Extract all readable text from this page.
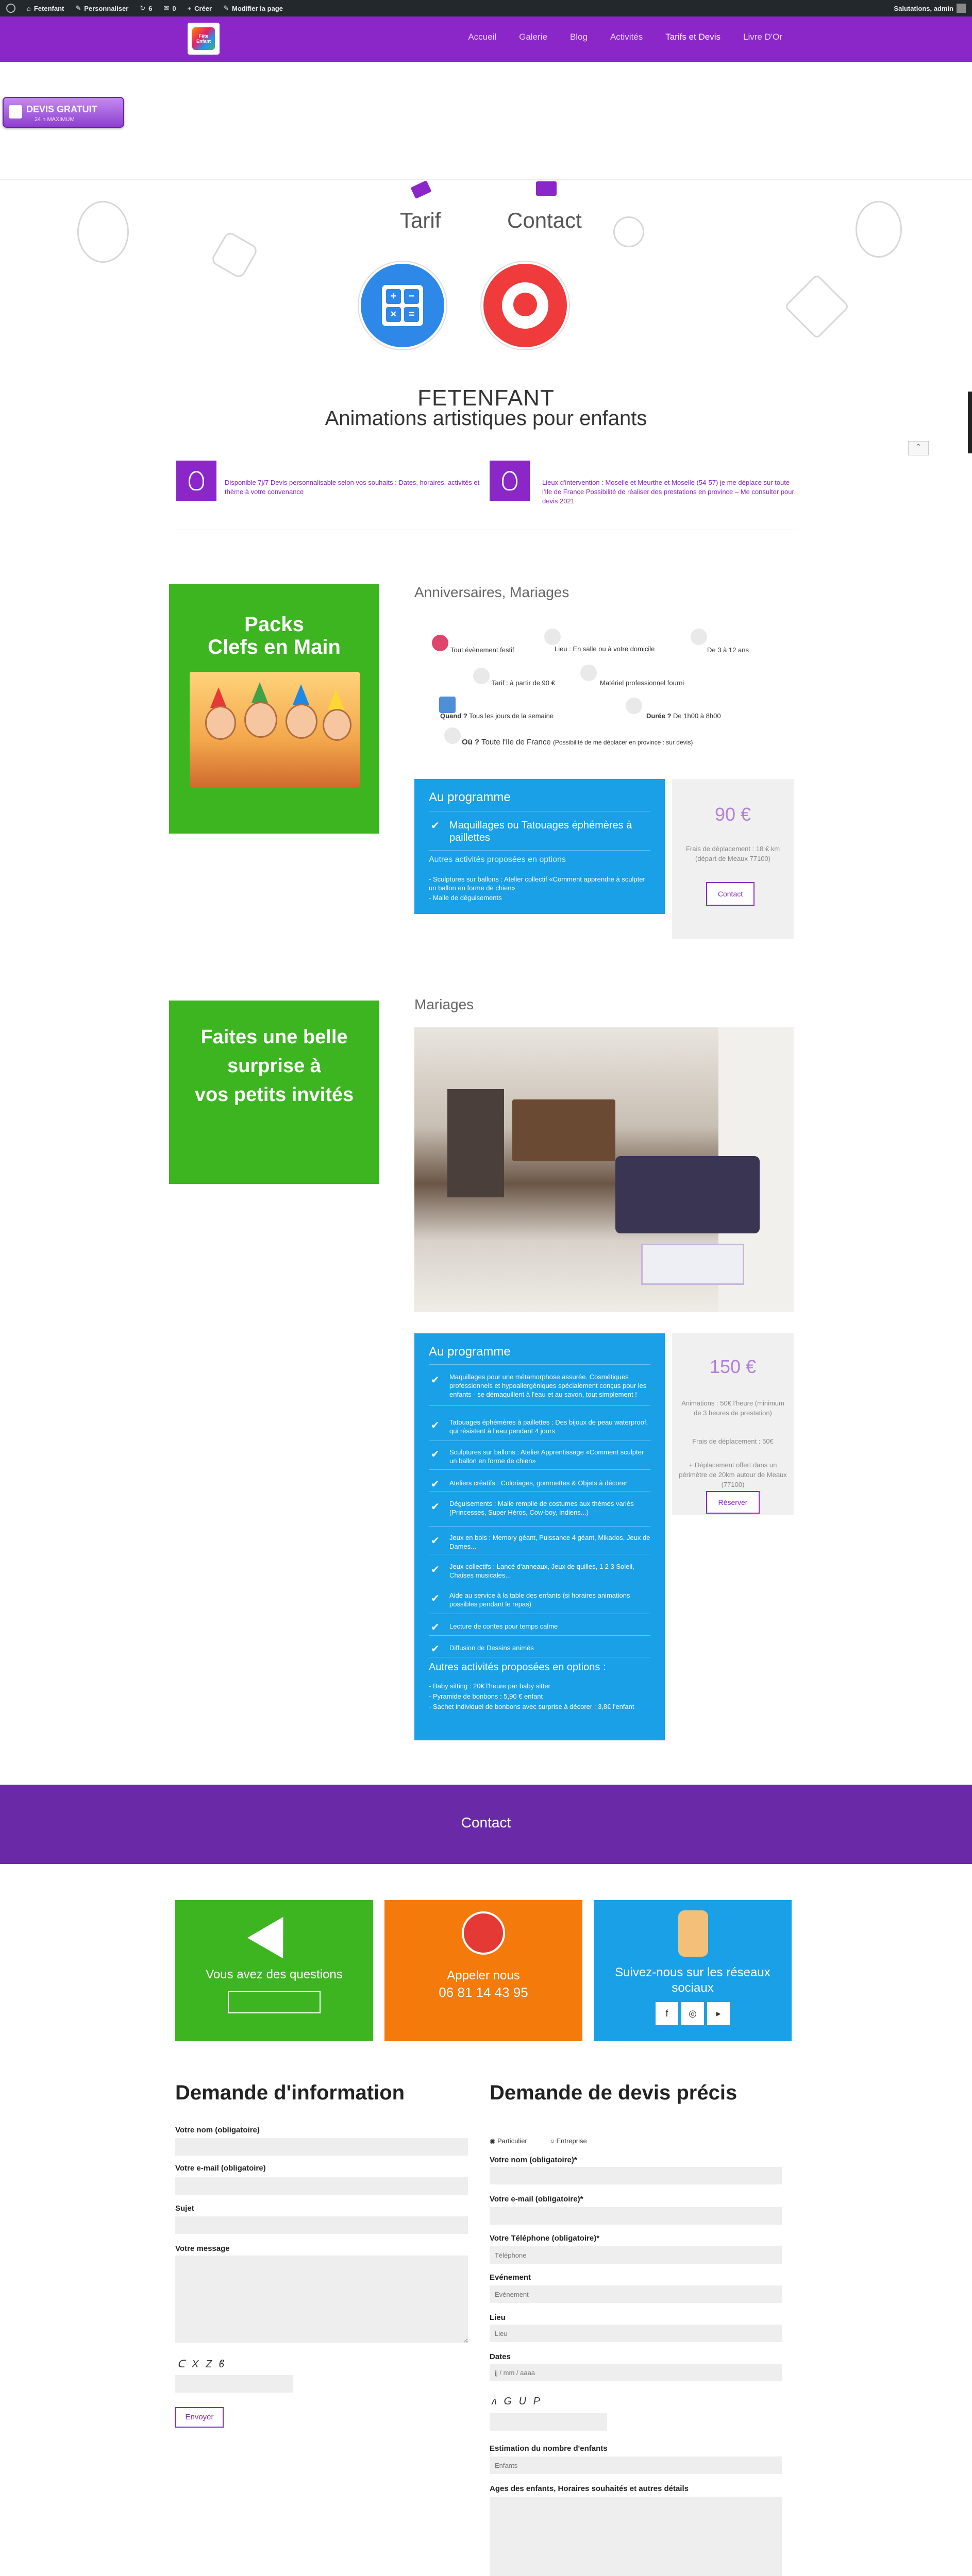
⌂ Fetenfant ✎ Personnaliser ↻ 6 ✉ 0 + Créer ✎ Modifier la page	Salutations, admin
Fête Enfant	Accueil	Galerie	Blog	Activités	Tarifs et Devis	Livre D'Or
DEVIS GRATUIT
24 h MAXIMUM
Tarif	Contact
+	−
×	=
FETENFANT
Animations artistiques pour enfants
Disponible 7j/7 Devis personnalisable selon vos souhaits : Dates, horaires, activités et thème à votre convenance
Lieux d'intervention : Moselle et Meurthe et Moselle (54-57) je me déplace sur toute l'Ile de France Possibilité de réaliser des prestations en province – Me consulter pour devis 2021
⌃
Packs
Clefs en Main
Anniversaires, Mariages
Tout évènement festif	Lieu : En salle ou à votre domicile	De 3 à 12 ans
Tarif : à partir de 90 €	Matériel professionnel fourni
Quand ? Tous les jours de la semaine	Durée ? De 1h00 à 8h00
Où ? Toute l'Ile de France (Possibilité de me déplacer en province : sur devis)
Au programme
✔ Maquillages ou Tatouages éphémères à paillettes
Autres activités proposées en options
- Sculptures sur ballons : Atelier collectif «Comment apprendre à sculpter un ballon en forme de chien»
- Malle de déguisements
90 €
Frais de déplacement : 18 € km (départ de Meaux 77100)
Contact
Faites une belle
surprise à
vos petits invités
Mariages
Au programme
✔ Maquillages pour une métamorphose assurée. Cosmétiques professionnels et hypoallergéniques spécialement conçus pour les enfants - se démaquillent à l'eau et au savon, tout simplement !
✔ Tatouages éphémères à paillettes : Des bijoux de peau waterproof, qui résistent à l'eau pendant 4 jours
✔ Sculptures sur ballons : Atelier Apprentissage «Comment sculpter un ballon en forme de chien»
✔ Ateliers créatifs : Coloriages, gommettes & Objets à décorer
✔ Déguisements : Malle remplie de costumes aux thèmes variés (Princesses, Super Héros, Cow-boy, Indiens...)
✔ Jeux en bois : Memory géant, Puissance 4 géant, Mikados, Jeux de Dames...
✔ Jeux collectifs : Lancé d'anneaux, Jeux de quilles, 1 2 3 Soleil, Chaises musicales...
✔ Aide au service à la table des enfants (si horaires animations possibles pendant le repas)
✔ Lecture de contes pour temps calme
✔ Diffusion de Dessins animés
Autres activités proposées en options :
- Baby sitting : 20€ l'heure par baby sitter
- Pyramide de bonbons : 5,90 € enfant
- Sachet individuel de bonbons avec surprise à décorer : 3,8€ l'enfant
150 €
Animations : 50€ l'heure (minimum de 3 heures de prestation)
Frais de déplacement : 50€
+ Déplacement offert dans un périmètre de 20km autour de Meaux (77100)
Réserver
Contact
Vous avez des questions	Appeler nous
06 81 14 43 95
Suivez-nous sur les réseaux sociaux
f	◎	▸
Demande d'information
Votre nom (obligatoire)
Votre e-mail (obligatoire)
Sujet
Votre message
ᑕ X Z ϐ
Envoyer
Demande de devis précis
◉ Particulier	○ Entreprise
Votre nom (obligatoire)*
Votre e-mail (obligatoire)*
Votre Téléphone (obligatoire)*
Téléphone
Evénement
Evénement
Lieu
Lieu
Dates
jj / mm / aaaa
ʌ G U P
Estimation du nombre d'enfants
Enfants
Ages des enfants, Horaires souhaités et autres détails
